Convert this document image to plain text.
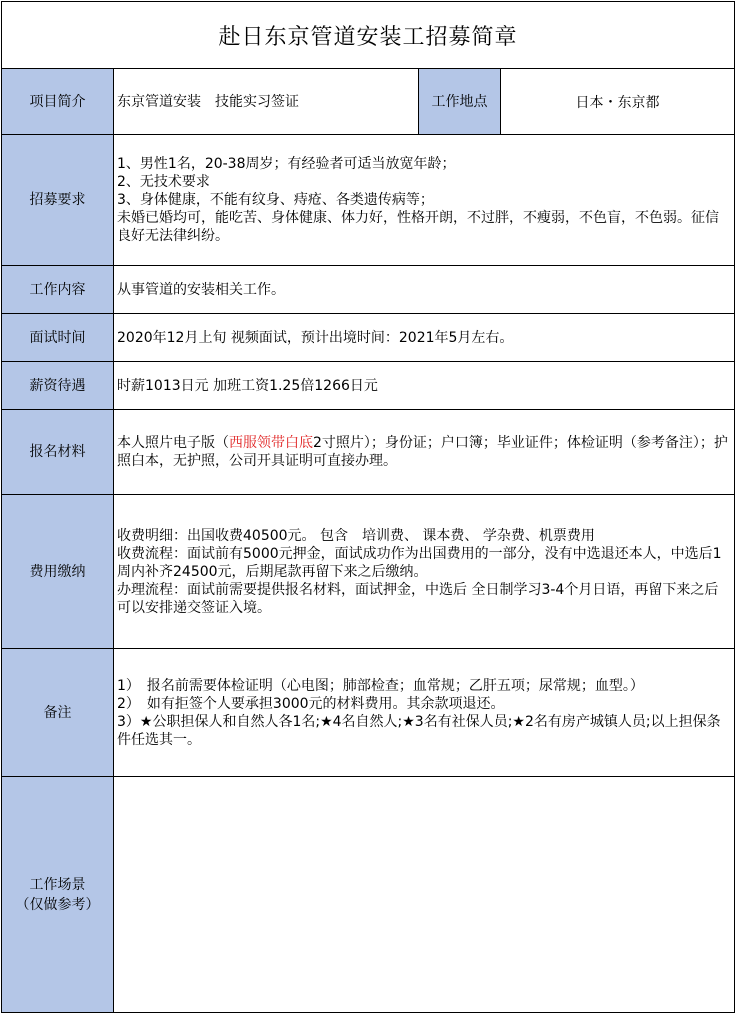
赴日东京管道安装工招募简章			
项目简介	东京管道安装　技能实习签证	工作地点	日本・东京都
招募要求	1、男性1名，20-38周岁；有经验者可适当放宽年龄；
2、无技术要求
3、身体健康，不能有纹身、痔疮、各类遗传病等；
未婚已婚均可，能吃苦、身体健康、体力好，性格开朗，不过胖，不瘦弱，不色盲，不色弱。征信良好无法律纠纷。		

工作内容	从事管道的安装相关工作。		
面试时间	2020年12月上旬 视频面试，预计出境时间：2021年5月左右。		
薪资待遇	时薪1013日元 加班工资1.25倍1266日元		
报名材料	本人照片电子版（西服领带白底2寸照片）；身份证；户口簿；毕业证件；体检证明（参考备注）；护照白本，无护照，公司开具证明可直接办理。		
费用缴纳	收费明细：出国收费40500元。 包含　培训费、 课本费、 学杂费、机票费用
收费流程：面试前有5000元押金，面试成功作为出国费用的一部分，没有中选退还本人，中选后1周内补齐24500元，后期尾款再留下来之后缴纳。
办理流程：面试前需要提供报名材料，面试押金，中选后 全日制学习3-4个月日语，再留下来之后可以安排递交签证入境。		

备注	1）　报名前需要体检证明（心电图；肺部检查；血常规；乙肝五项；尿常规；血型。）
2）　如有拒签个人要承担3000元的材料费用。其余款项退还。
3）★公职担保人和自然人各1名;★4名自然人;★3名有社保人员;★2名有房产城镇人员;以上担保条件任选其一。		

工作场景
（仅做参考）
